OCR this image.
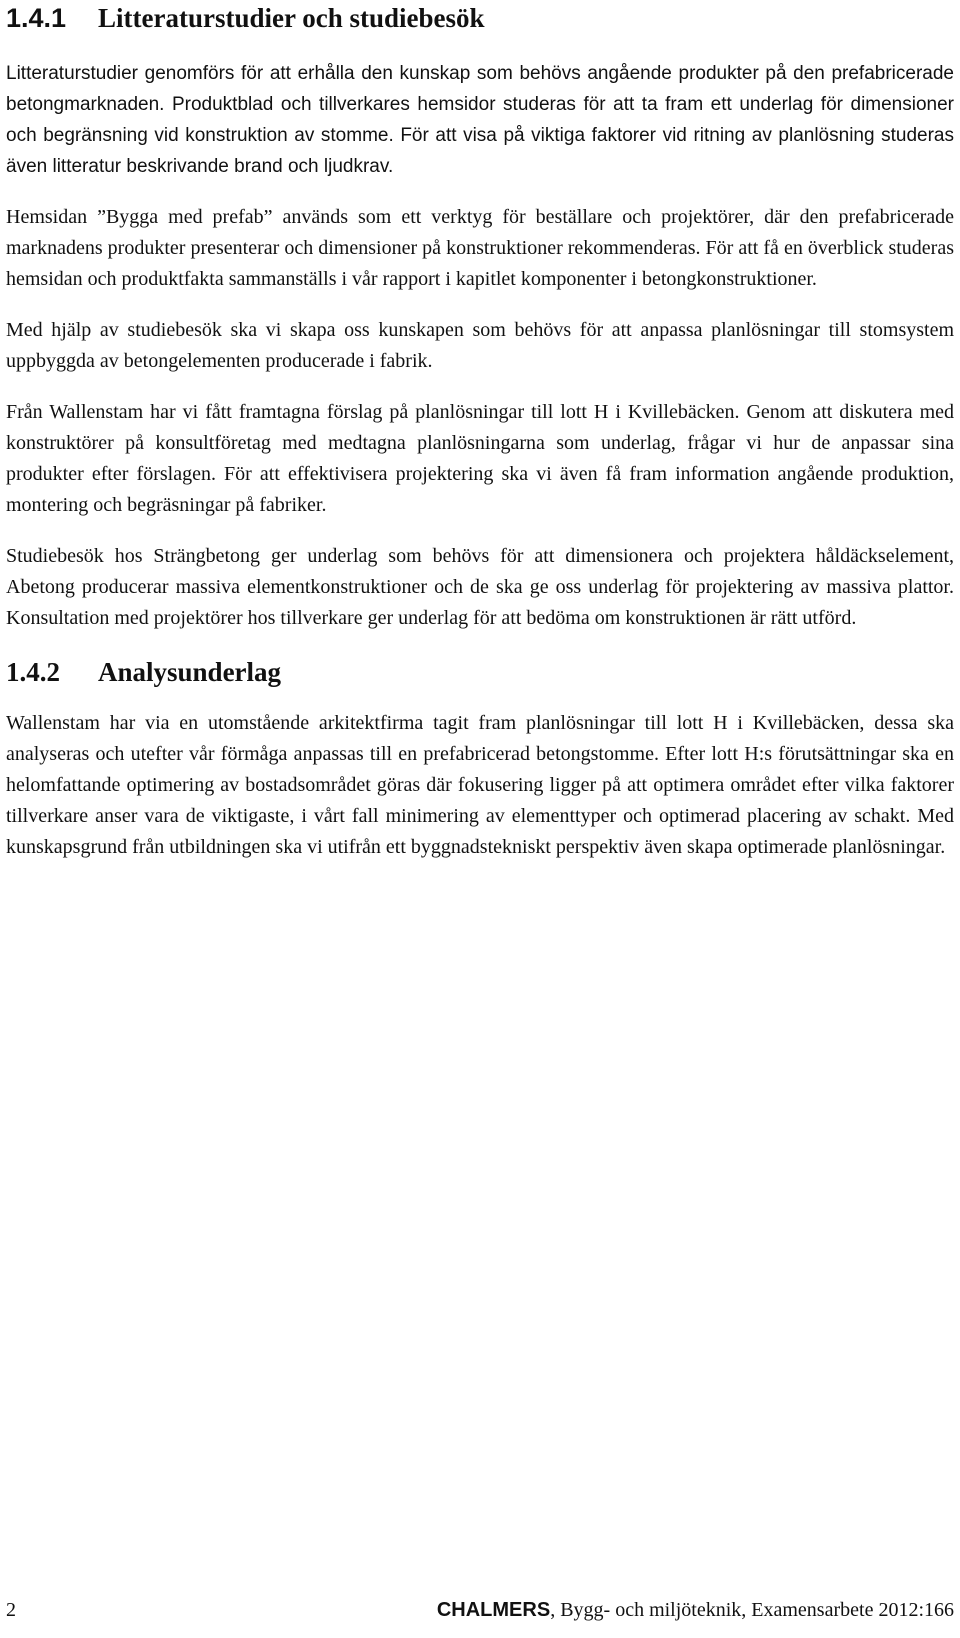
1.4.1 Litteraturstudier och studiebesök

Litteraturstudier genomförs för att erhålla den kunskap som behövs angående produkter på den prefabricerade betongmarknaden. Produktblad och tillverkares hemsidor studeras för att ta fram ett underlag för dimensioner och begränsning vid konstruktion av stomme. För att visa på viktiga faktorer vid ritning av planlösning studeras även litteratur beskrivande brand och ljudkrav.

Hemsidan ”Bygga med prefab” används som ett verktyg för beställare och projektörer, där den prefabricerade marknadens produkter presenterar och dimensioner på konstruktioner rekommenderas. För att få en överblick studeras hemsidan och produktfakta sammanställs i vår rapport i kapitlet komponenter i betongkonstruktioner.

Med hjälp av studiebesök ska vi skapa oss kunskapen som behövs för att anpassa planlösningar till stomsystem uppbyggda av betongelementen producerade i fabrik.

Från Wallenstam har vi fått framtagna förslag på planlösningar till lott H i Kvillebäcken. Genom att diskutera med konstruktörer på konsultföretag med medtagna planlösningarna som underlag, frågar vi hur de anpassar sina produkter efter förslagen. För att effektivisera projektering ska vi även få fram information angående produktion, montering och begräsningar på fabriker.

Studiebesök hos Strängbetong ger underlag som behövs för att dimensionera och projektera håldäckselement, Abetong producerar massiva elementkonstruktioner och de ska ge oss underlag för projektering av massiva plattor. Konsultation med projektörer hos tillverkare ger underlag för att bedöma om konstruktionen är rätt utförd.

1.4.2 Analysunderlag

Wallenstam har via en utomstående arkitektfirma tagit fram planlösningar till lott H i Kvillebäcken, dessa ska analyseras och utefter vår förmåga anpassas till en prefabricerad betongstomme. Efter lott H:s förutsättningar ska en helomfattande optimering av bostadsområdet göras där fokusering ligger på att optimera området efter vilka faktorer tillverkare anser vara de viktigaste, i vårt fall minimering av elementtyper och optimerad placering av schakt. Med kunskapsgrund från utbildningen ska vi utifrån ett byggnadstekniskt perspektiv även skapa optimerade planlösningar.

2	CHALMERS, Bygg- och miljöteknik, Examensarbete 2012:166
